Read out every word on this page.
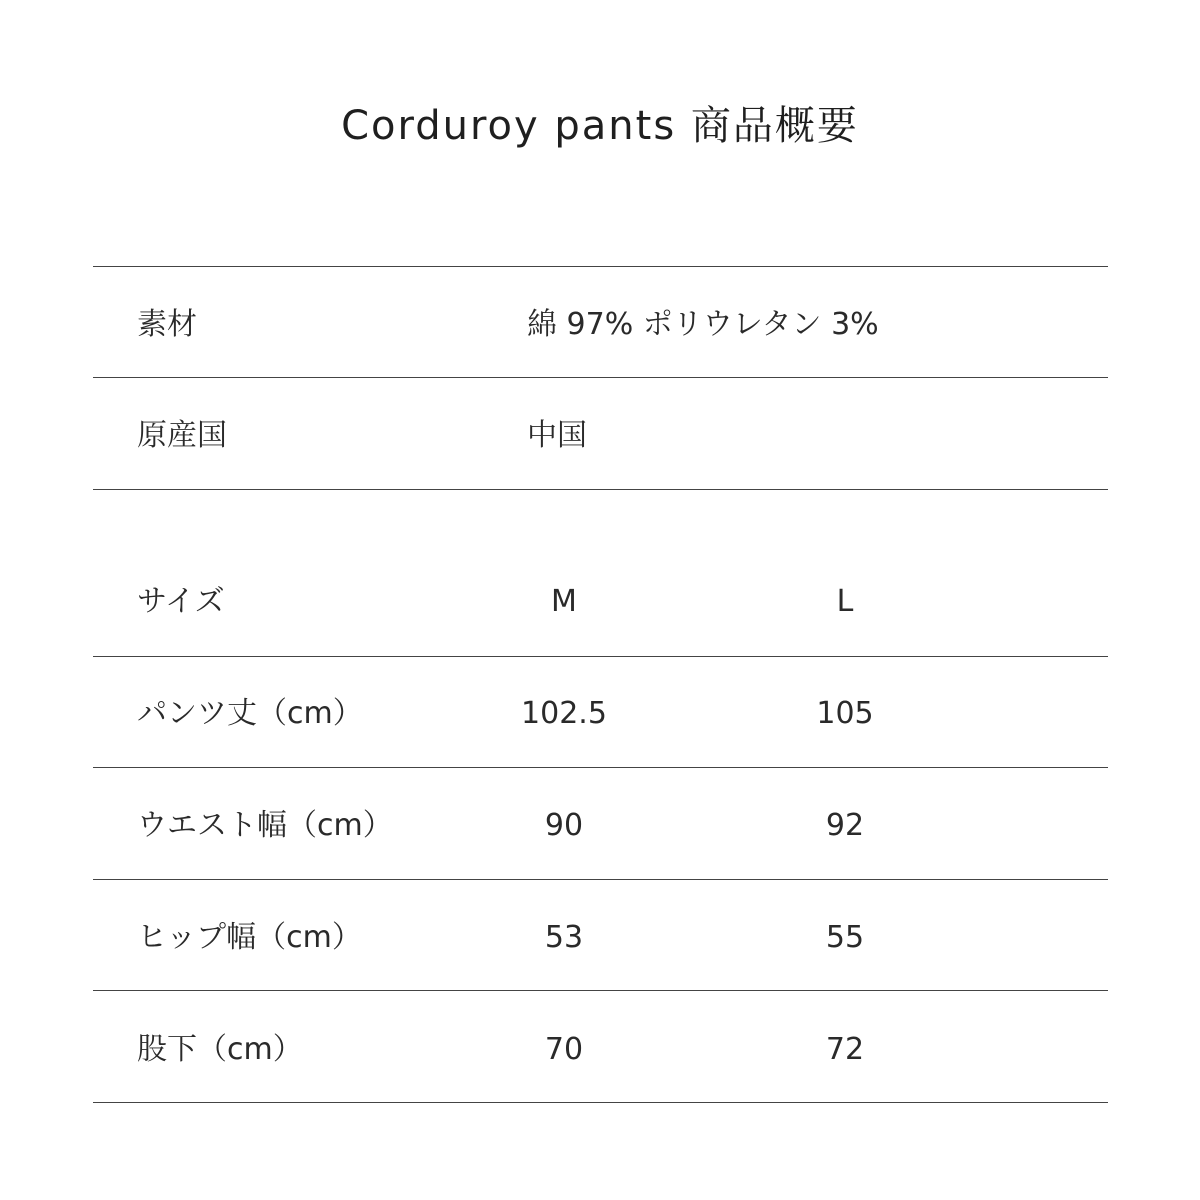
Corduroy pants 商品概要
素材	綿 97% ポリウレタン 3%
原産国	中国
サイズ	M	L
パンツ丈（cm）	102.5	105
ウエスト幅（cm）	90	92
ヒップ幅（cm）	53	55
股下（cm）	70	72
